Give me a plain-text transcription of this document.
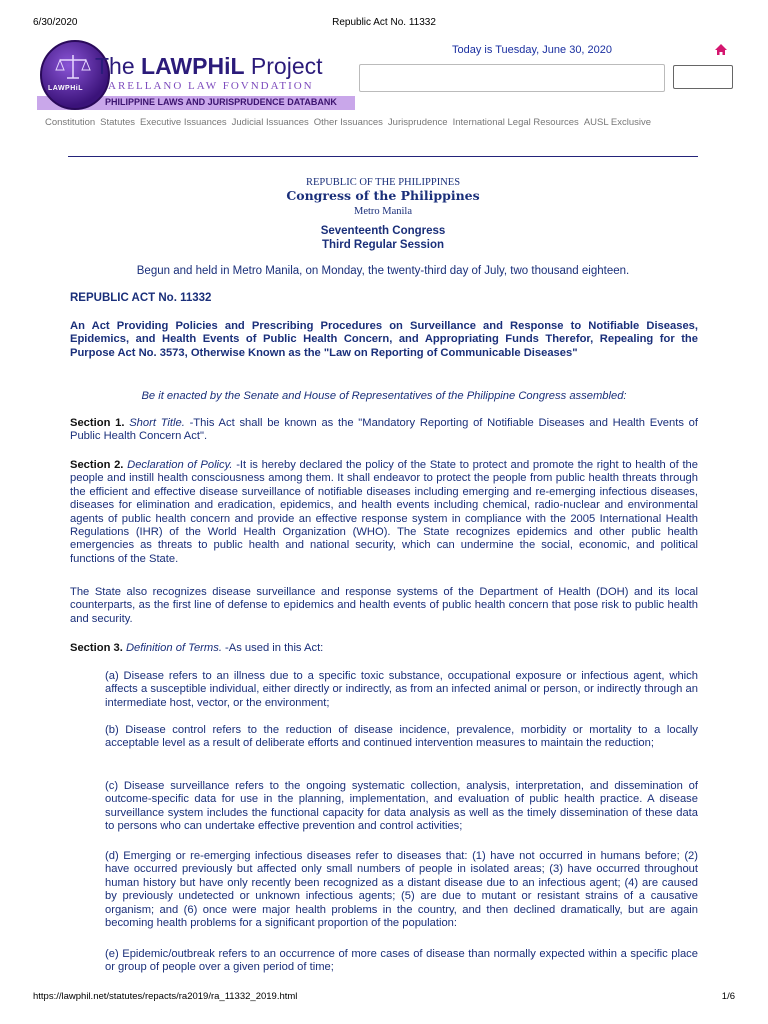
6/30/2020	Republic Act No. 11332
PHILIPPINE LAWS AND JURISPRUDENCE DATABANK
LAWPHiL
The LAWPHiL Project
ARELLANO LAW FOVNDATION
Today is Tuesday, June 30, 2020
Constitution Statutes Executive Issuances Judicial Issuances Other Issuances Jurisprudence International Legal Resources AUSL Exclusive
REPUBLIC OF THE PHILIPPINES
Congress of the Philippines
Metro Manila
Seventeenth Congress
Third Regular Session
Begun and held in Metro Manila, on Monday, the twenty-third day of July, two thousand eighteen.
REPUBLIC ACT No. 11332
An Act Providing Policies and Prescribing Procedures on Surveillance and Response to Notifiable Diseases, Epidemics, and Health Events of Public Health Concern, and Appropriating Funds Therefor, Repealing for the Purpose Act No. 3573, Otherwise Known as the "Law on Reporting of Communicable Diseases"
Be it enacted by the Senate and House of Representatives of the Philippine Congress assembled:
Section 1. Short Title. -This Act shall be known as the "Mandatory Reporting of Notifiable Diseases and Health Events of Public Health Concern Act".
Section 2. Declaration of Policy. -It is hereby declared the policy of the State to protect and promote the right to health of the people and instill health consciousness among them. It shall endeavor to protect the people from public health threats through the efficient and effective disease surveillance of notifiable diseases including emerging and re-emerging infectious diseases, diseases for elimination and eradication, epidemics, and health events including chemical, radio-nuclear and environmental agents of public health concern and provide an effective response system in compliance with the 2005 International Health Regulations (IHR) of the World Health Organization (WHO). The State recognizes epidemics and other public health emergencies as threats to public health and national security, which can undermine the social, economic, and political functions of the State.
The State also recognizes disease surveillance and response systems of the Department of Health (DOH) and its local counterparts, as the first line of defense to epidemics and health events of public health concern that pose risk to public health and security.
Section 3. Definition of Terms. -As used in this Act:
(a) Disease refers to an illness due to a specific toxic substance, occupational exposure or infectious agent, which affects a susceptible individual, either directly or indirectly, as from an infected animal or person, or indirectly through an intermediate host, vector, or the environment;
(b) Disease control refers to the reduction of disease incidence, prevalence, morbidity or mortality to a locally acceptable level as a result of deliberate efforts and continued intervention measures to maintain the reduction;
(c) Disease surveillance refers to the ongoing systematic collection, analysis, interpretation, and dissemination of outcome-specific data for use in the planning, implementation, and evaluation of public health practice. A disease surveillance system includes the functional capacity for data analysis as well as the timely dissemination of these data to persons who can undertake effective prevention and control activities;
(d) Emerging or re-emerging infectious diseases refer to diseases that: (1) have not occurred in humans before; (2) have occurred previously but affected only small numbers of people in isolated areas; (3) have occurred throughout human history but have only recently been recognized as a distant disease due to an infectious agent; (4) are caused by previously undetected or unknown infectious agents; (5) are due to mutant or resistant strains of a causative organism; and (6) once were major health problems in the country, and then declined dramatically, but are again becoming health problems for a significant proportion of the population:
(e) Epidemic/outbreak refers to an occurrence of more cases of disease than normally expected within a specific place or group of people over a given period of time;
https://lawphil.net/statutes/repacts/ra2019/ra_11332_2019.html	1/6
